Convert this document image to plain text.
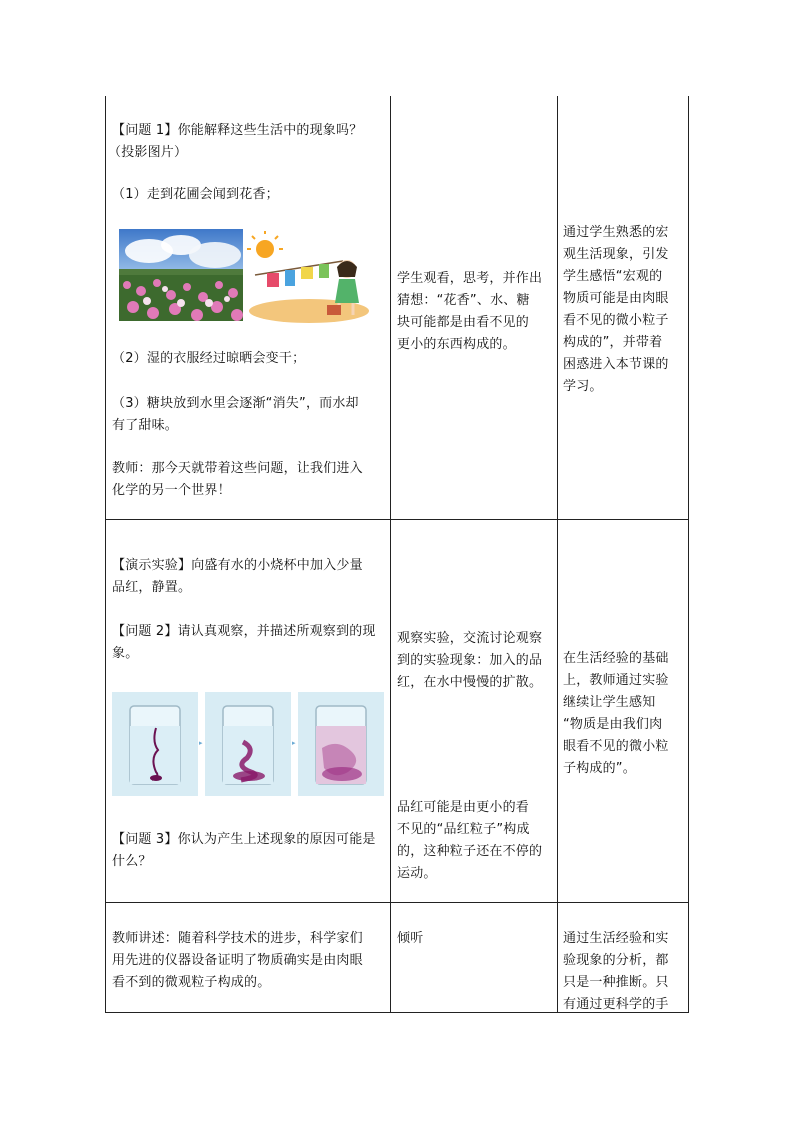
【问题 1】你能解释这些生活中的现象吗？
（投影图片）
（1）走到花圃会闻到花香；
（2）湿的衣服经过晾晒会变干；
（3）糖块放到水里会逐渐“消失”，而水却
有了甜味。
教师：那今天就带着这些问题，让我们进入
化学的另一个世界！
学生观看，思考，并作出
猜想：“花香”、水、糖
块可能都是由看不见的
更小的东西构成的。
通过学生熟悉的宏
观生活现象，引发
学生感悟“宏观的
物质可能是由肉眼
看不见的微小粒子
构成的”，并带着
困惑进入本节课的
学习。
【演示实验】向盛有水的小烧杯中加入少量
品红，静置。
【问题 2】请认真观察，并描述所观察到的现
象。
▸	▸
【问题 3】你认为产生上述现象的原因可能是
什么？
观察实验，交流讨论观察
到的实验现象：加入的品
红，在水中慢慢的扩散。
品红可能是由更小的看
不见的“品红粒子”构成
的，这种粒子还在不停的
运动。
在生活经验的基础
上，教师通过实验
继续让学生感知
“物质是由我们肉
眼看不见的微小粒
子构成的”。
教师讲述：随着科学技术的进步，科学家们
用先进的仪器设备证明了物质确实是由肉眼
看不到的微观粒子构成的。
倾听	通过生活经验和实
验现象的分析，都
只是一种推断。只
有通过更科学的手
